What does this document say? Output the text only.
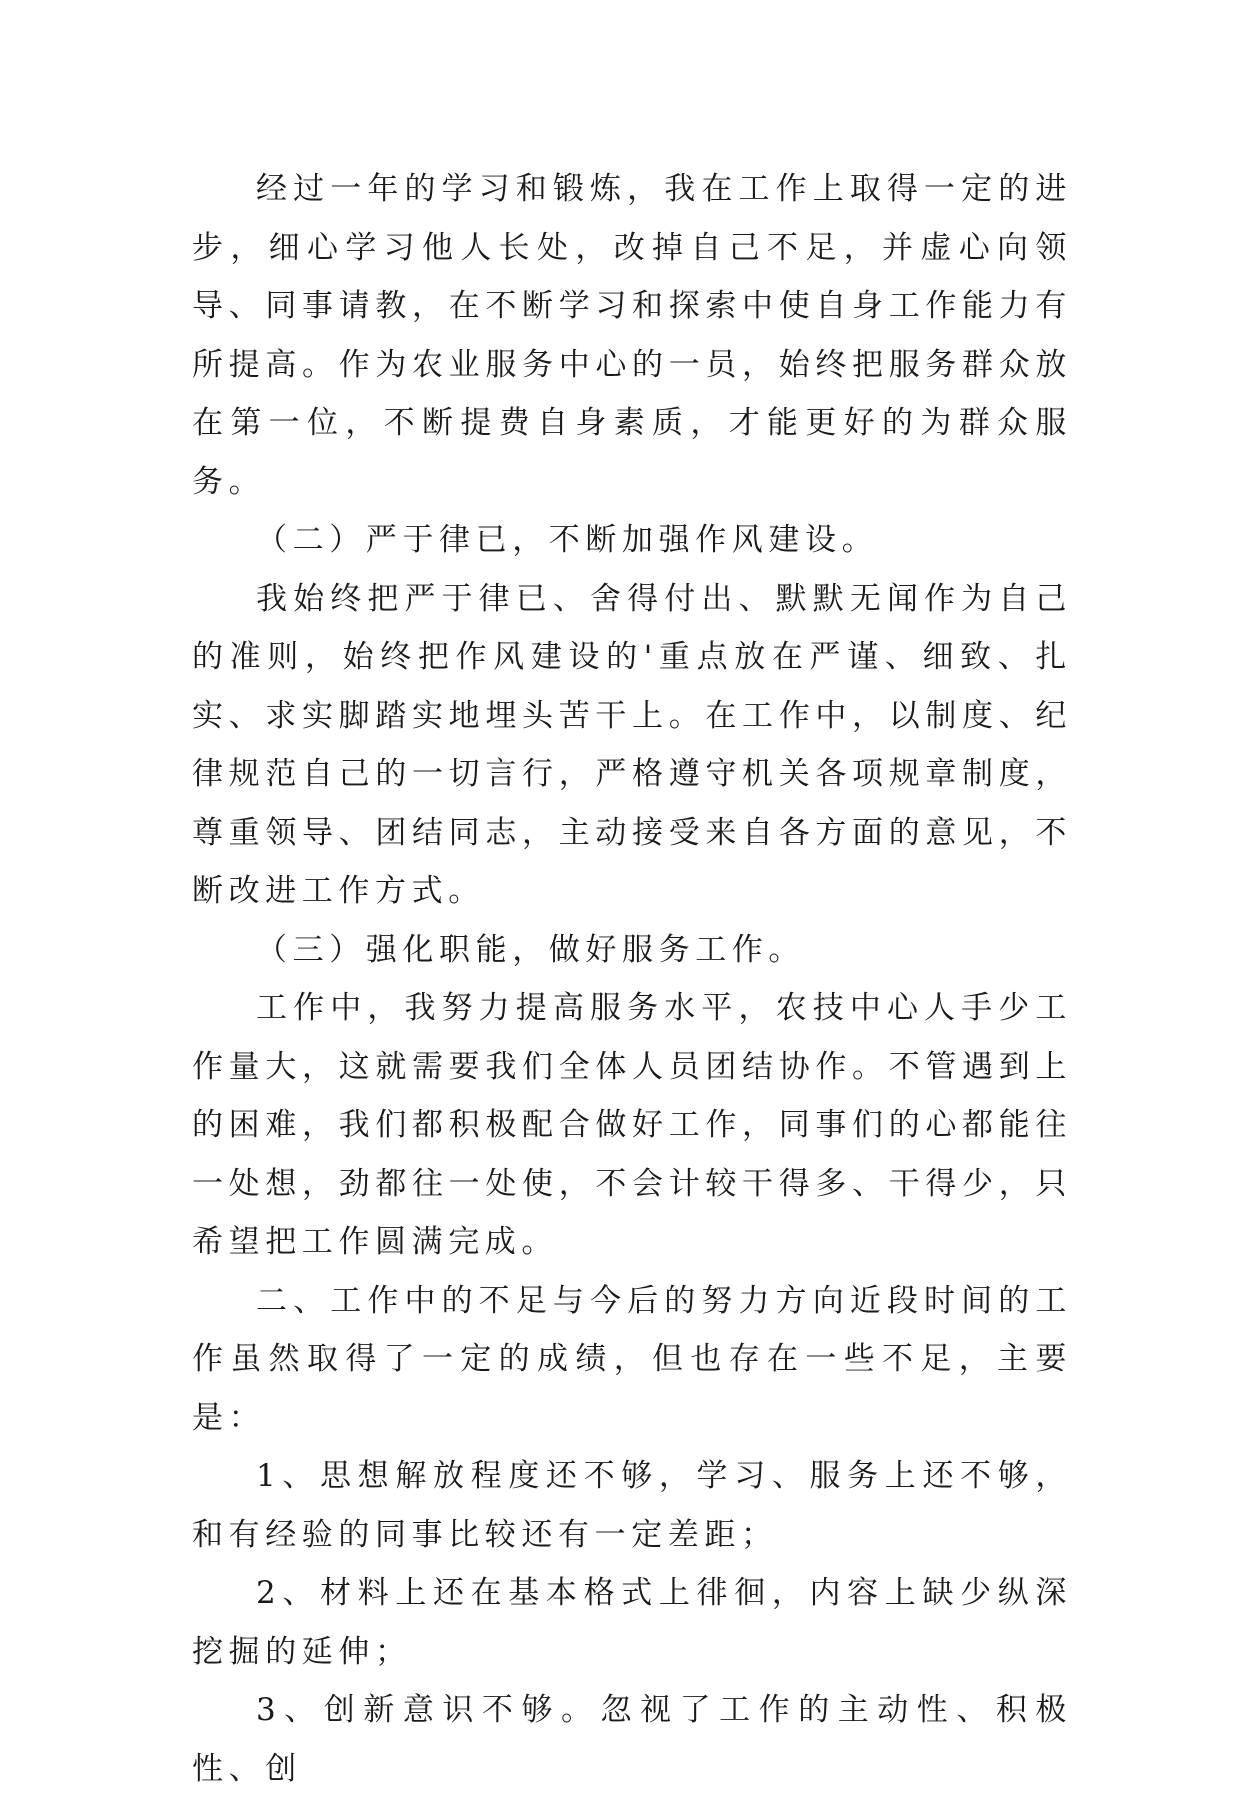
经过一年的学习和锻炼，我在工作上取得一定的进步，细心学习他人长处，改掉自己不足，并虚心向领导、同事请教，在不断学习和探索中使自身工作能力有所提高。作为农业服务中心的一员，始终把服务群众放在第一位，不断提费自身素质，才能更好的为群众服务。

（二）严于律已，不断加强作风建设。

我始终把严于律已、舍得付出、默默无闻作为自己的准则，始终把作风建设的'重点放在严谨、细致、扎实、求实脚踏实地埋头苦干上。在工作中，以制度、纪律规范自己的一切言行，严格遵守机关各项规章制度，尊重领导、团结同志，主动接受来自各方面的意见，不断改进工作方式。

（三）强化职能，做好服务工作。

工作中，我努力提高服务水平，农技中心人手少工作量大，这就需要我们全体人员团结协作。不管遇到上的困难，我们都积极配合做好工作，同事们的心都能往一处想，劲都往一处使，不会计较干得多、干得少，只希望把工作圆满完成。

二、工作中的不足与今后的努力方向近段时间的工作虽然取得了一定的成绩，但也存在一些不足，主要是：

1、思想解放程度还不够，学习、服务上还不够，和有经验的同事比较还有一定差距；

2、材料上还在基本格式上徘徊，内容上缺少纵深挖掘的延伸；

3、创新意识不够。忽视了工作的主动性、积极性、创
